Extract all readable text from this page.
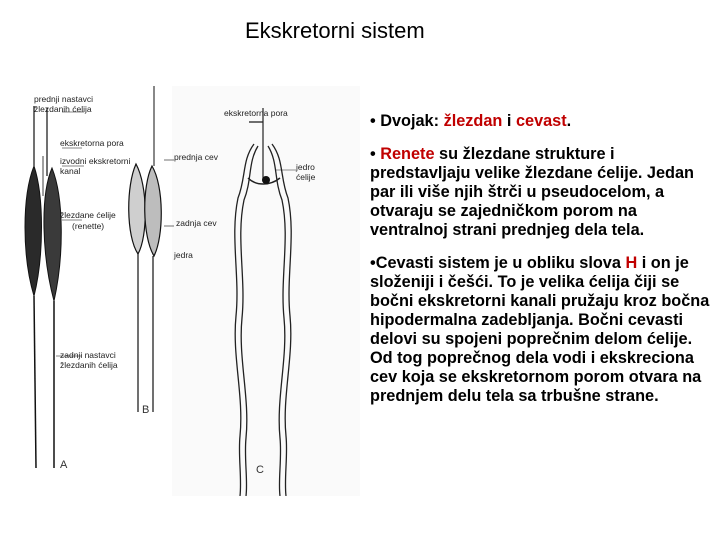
Ekskretorni sistem
prednji nastavci
žlezdanih ćelija
ekskretorna pora
izvodni ekskretorni
kanal
žlezdane ćelije
(renette)
zadnji nastavci
žlezdanih ćelija
A
prednja cev
zadnja cev
jedra
B
ekskretorna pora
jedro
ćelije
C
• Dvojak: žlezdan i cevast.
• Renete su žlezdane strukture i predstavljaju velike žlezdane ćelije. Jedan par ili više njih štrči u pseudocelom, a otvaraju se zajedničkom porom na ventralnoj strani prednjeg dela tela.
•Cevasti sistem je u obliku slova H i on je složeniji i češći. To je velika ćelija čiji se bočni ekskretorni kanali pružaju kroz bočna hipodermalna zadebljanja. Bočni cevasti delovi su spojeni poprečnim delom ćelije. Od tog poprečnog dela vodi i ekskreciona cev koja se ekskretornom porom otvara na prednjem delu tela sa trbušne strane.
